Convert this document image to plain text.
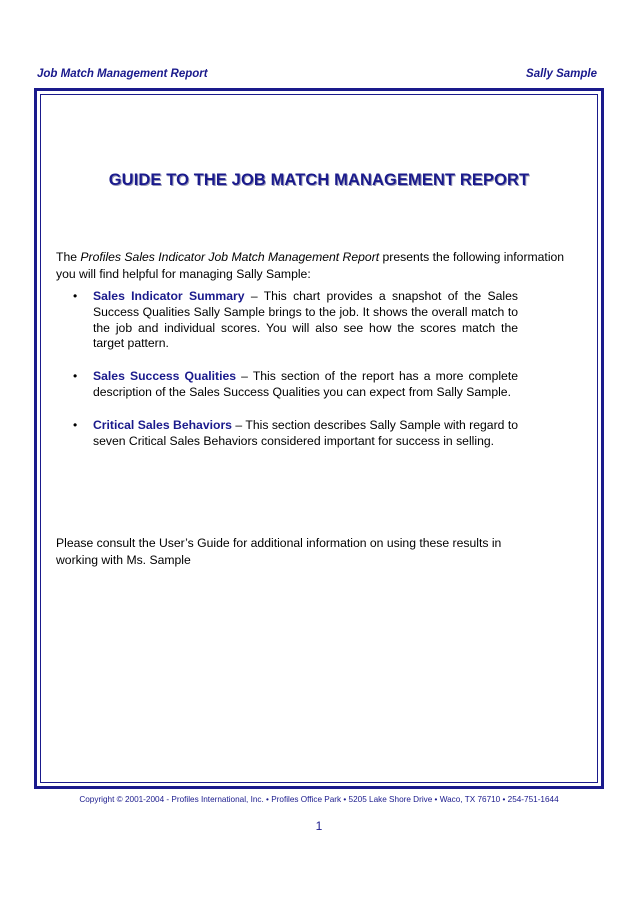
Job Match Management Report	Sally Sample
GUIDE TO THE JOB MATCH MANAGEMENT REPORT

The Profiles Sales Indicator Job Match Management Report presents the following information you will find helpful for managing Sally Sample:

• Sales Indicator Summary – This chart provides a snapshot of the Sales Success Qualities Sally Sample brings to the job. It shows the overall match to the job and individual scores. You will also see how the scores match the target pattern.
• Sales Success Qualities – This section of the report has a more complete description of the Sales Success Qualities you can expect from Sally Sample.
• Critical Sales Behaviors – This section describes Sally Sample with regard to seven Critical Sales Behaviors considered important for success in selling.

Please consult the User’s Guide for additional information on using these results in working with Ms. Sample

Copyright © 2001-2004 - Profiles International, Inc. • Profiles Office Park • 5205 Lake Shore Drive • Waco, TX 76710 • 254-751-1644
1
